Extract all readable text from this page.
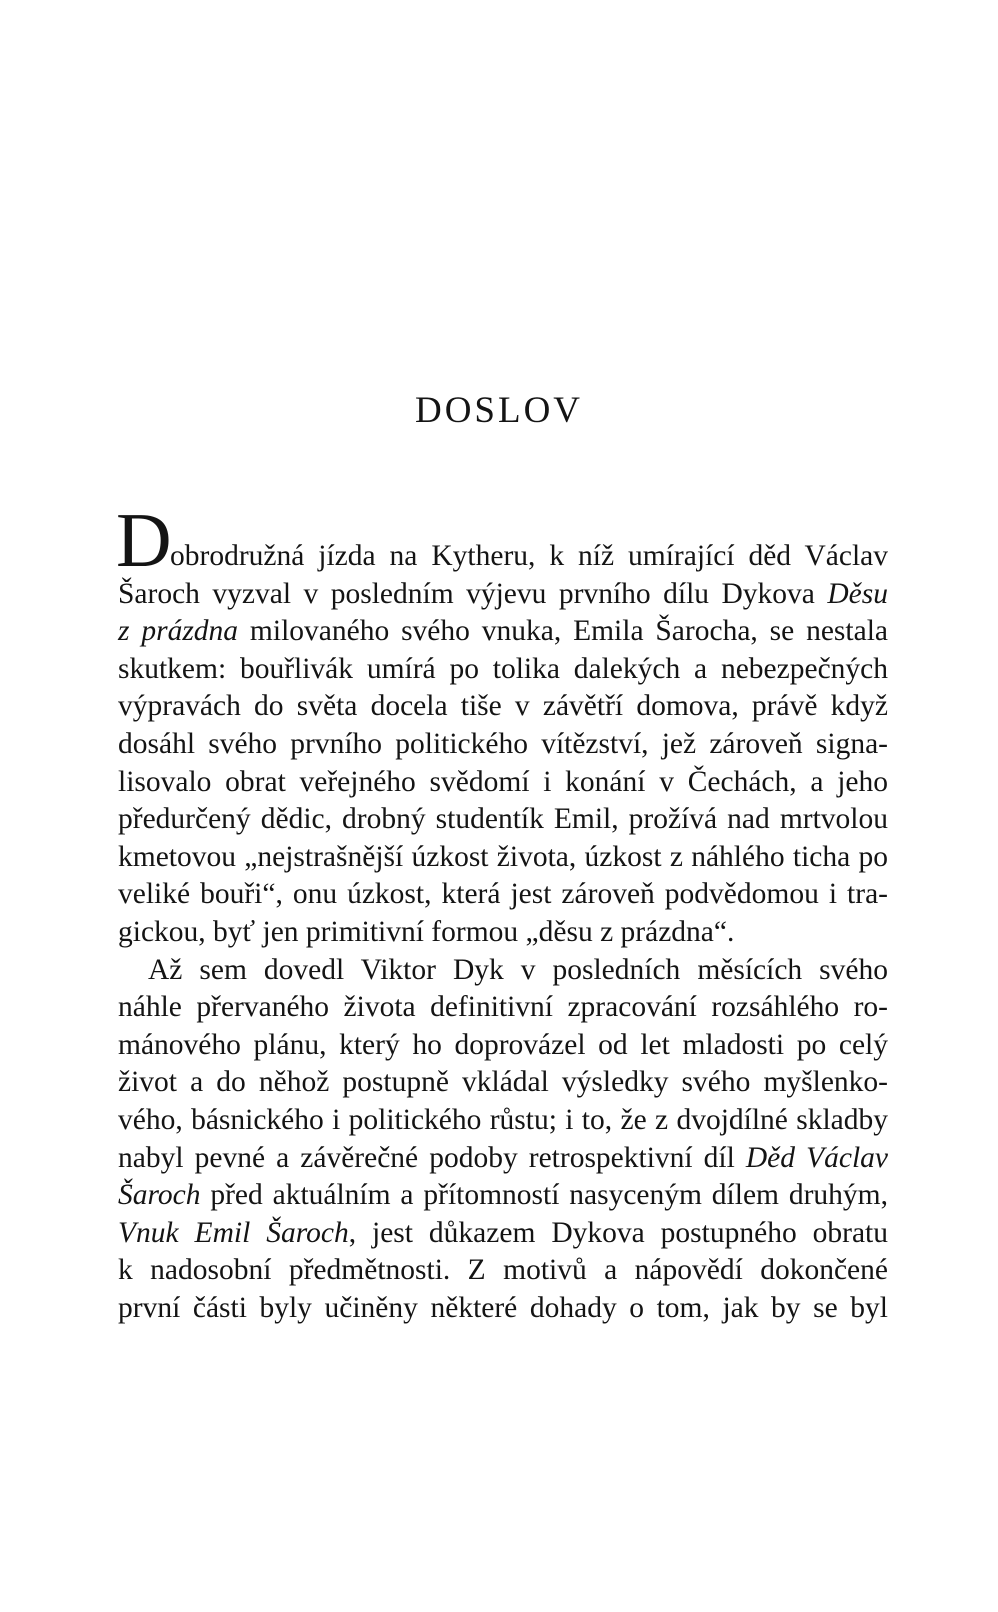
DOSLOV
D
obrodružná jízda na Kytheru, k níž umírající děd Václav
Šaroch vyzval v posledním výjevu prvního dílu Dykova Děsu
z prázdna milovaného svého vnuka, Emila Šarocha, se nestala
skutkem: bouřlivák umírá po tolika dalekých a nebezpečných
výpravách do světa docela tiše v závětří domova, právě když
dosáhl svého prvního politického vítězství, jež zároveň signa-
lisovalo obrat veřejného svědomí i konání v Čechách, a jeho
předurčený dědic, drobný studentík Emil, prožívá nad mrtvolou
kmetovou „nejstrašnější úzkost života, úzkost z náhlého ticha po
veliké bouři“, onu úzkost, která jest zároveň podvědomou i tra-
gickou, byť jen primitivní formou „děsu z prázdna“.
Až sem dovedl Viktor Dyk v posledních měsících svého
náhle přervaného života definitivní zpracování rozsáhlého ro-
mánového plánu, který ho doprovázel od let mladosti po celý
život a do něhož postupně vkládal výsledky svého myšlenko-
vého, básnického i politického růstu; i to, že z dvojdílné skladby
nabyl pevné a závěrečné podoby retrospektivní díl Děd Václav
Šaroch před aktuálním a přítomností nasyceným dílem druhým,
Vnuk Emil Šaroch, jest důkazem Dykova postupného obratu
k nadosobní předmětnosti. Z motivů a nápovědí dokončené
první části byly učiněny některé dohady o tom, jak by se byl
